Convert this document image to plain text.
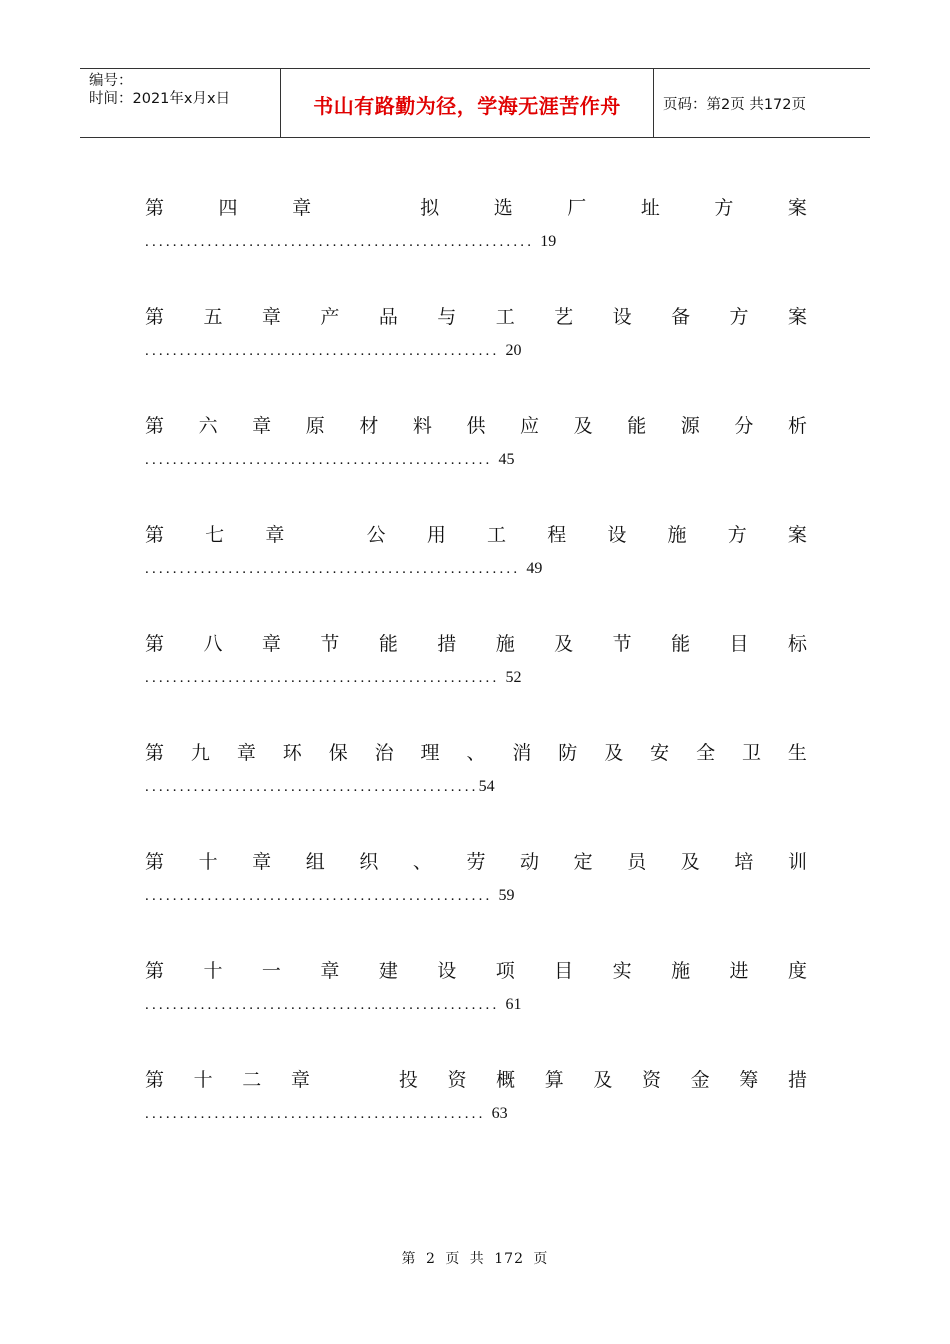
编号：
时间：2021年x月x日	书山有路勤为径，学海无涯苦作舟	页码：第2页 共172页
第	四	章	拟	选	厂	址	方	案
........................................................ 19
第 五 章 产 品 与 工 艺 设 备 方 案
................................................... 20
第 六 章 原 材 料 供 应 及 能 源 分 析
.................................................. 45
第 七 章	公 用 工 程 设 施 方 案
...................................................... 49
第 八 章 节 能 措 施 及 节 能 目 标
................................................... 52
第 九 章 环 保 治 理 、 消 防 及 安 全 卫 生
................................................54
第 十 章 组 织 、 劳 动 定 员 及 培 训
.................................................. 59
第 十 一 章 建 设 项 目 实 施 进 度
................................................... 61
第 十 二 章	投 资 概 算 及 资 金 筹 措
................................................. 63
第 2 页 共 172 页
